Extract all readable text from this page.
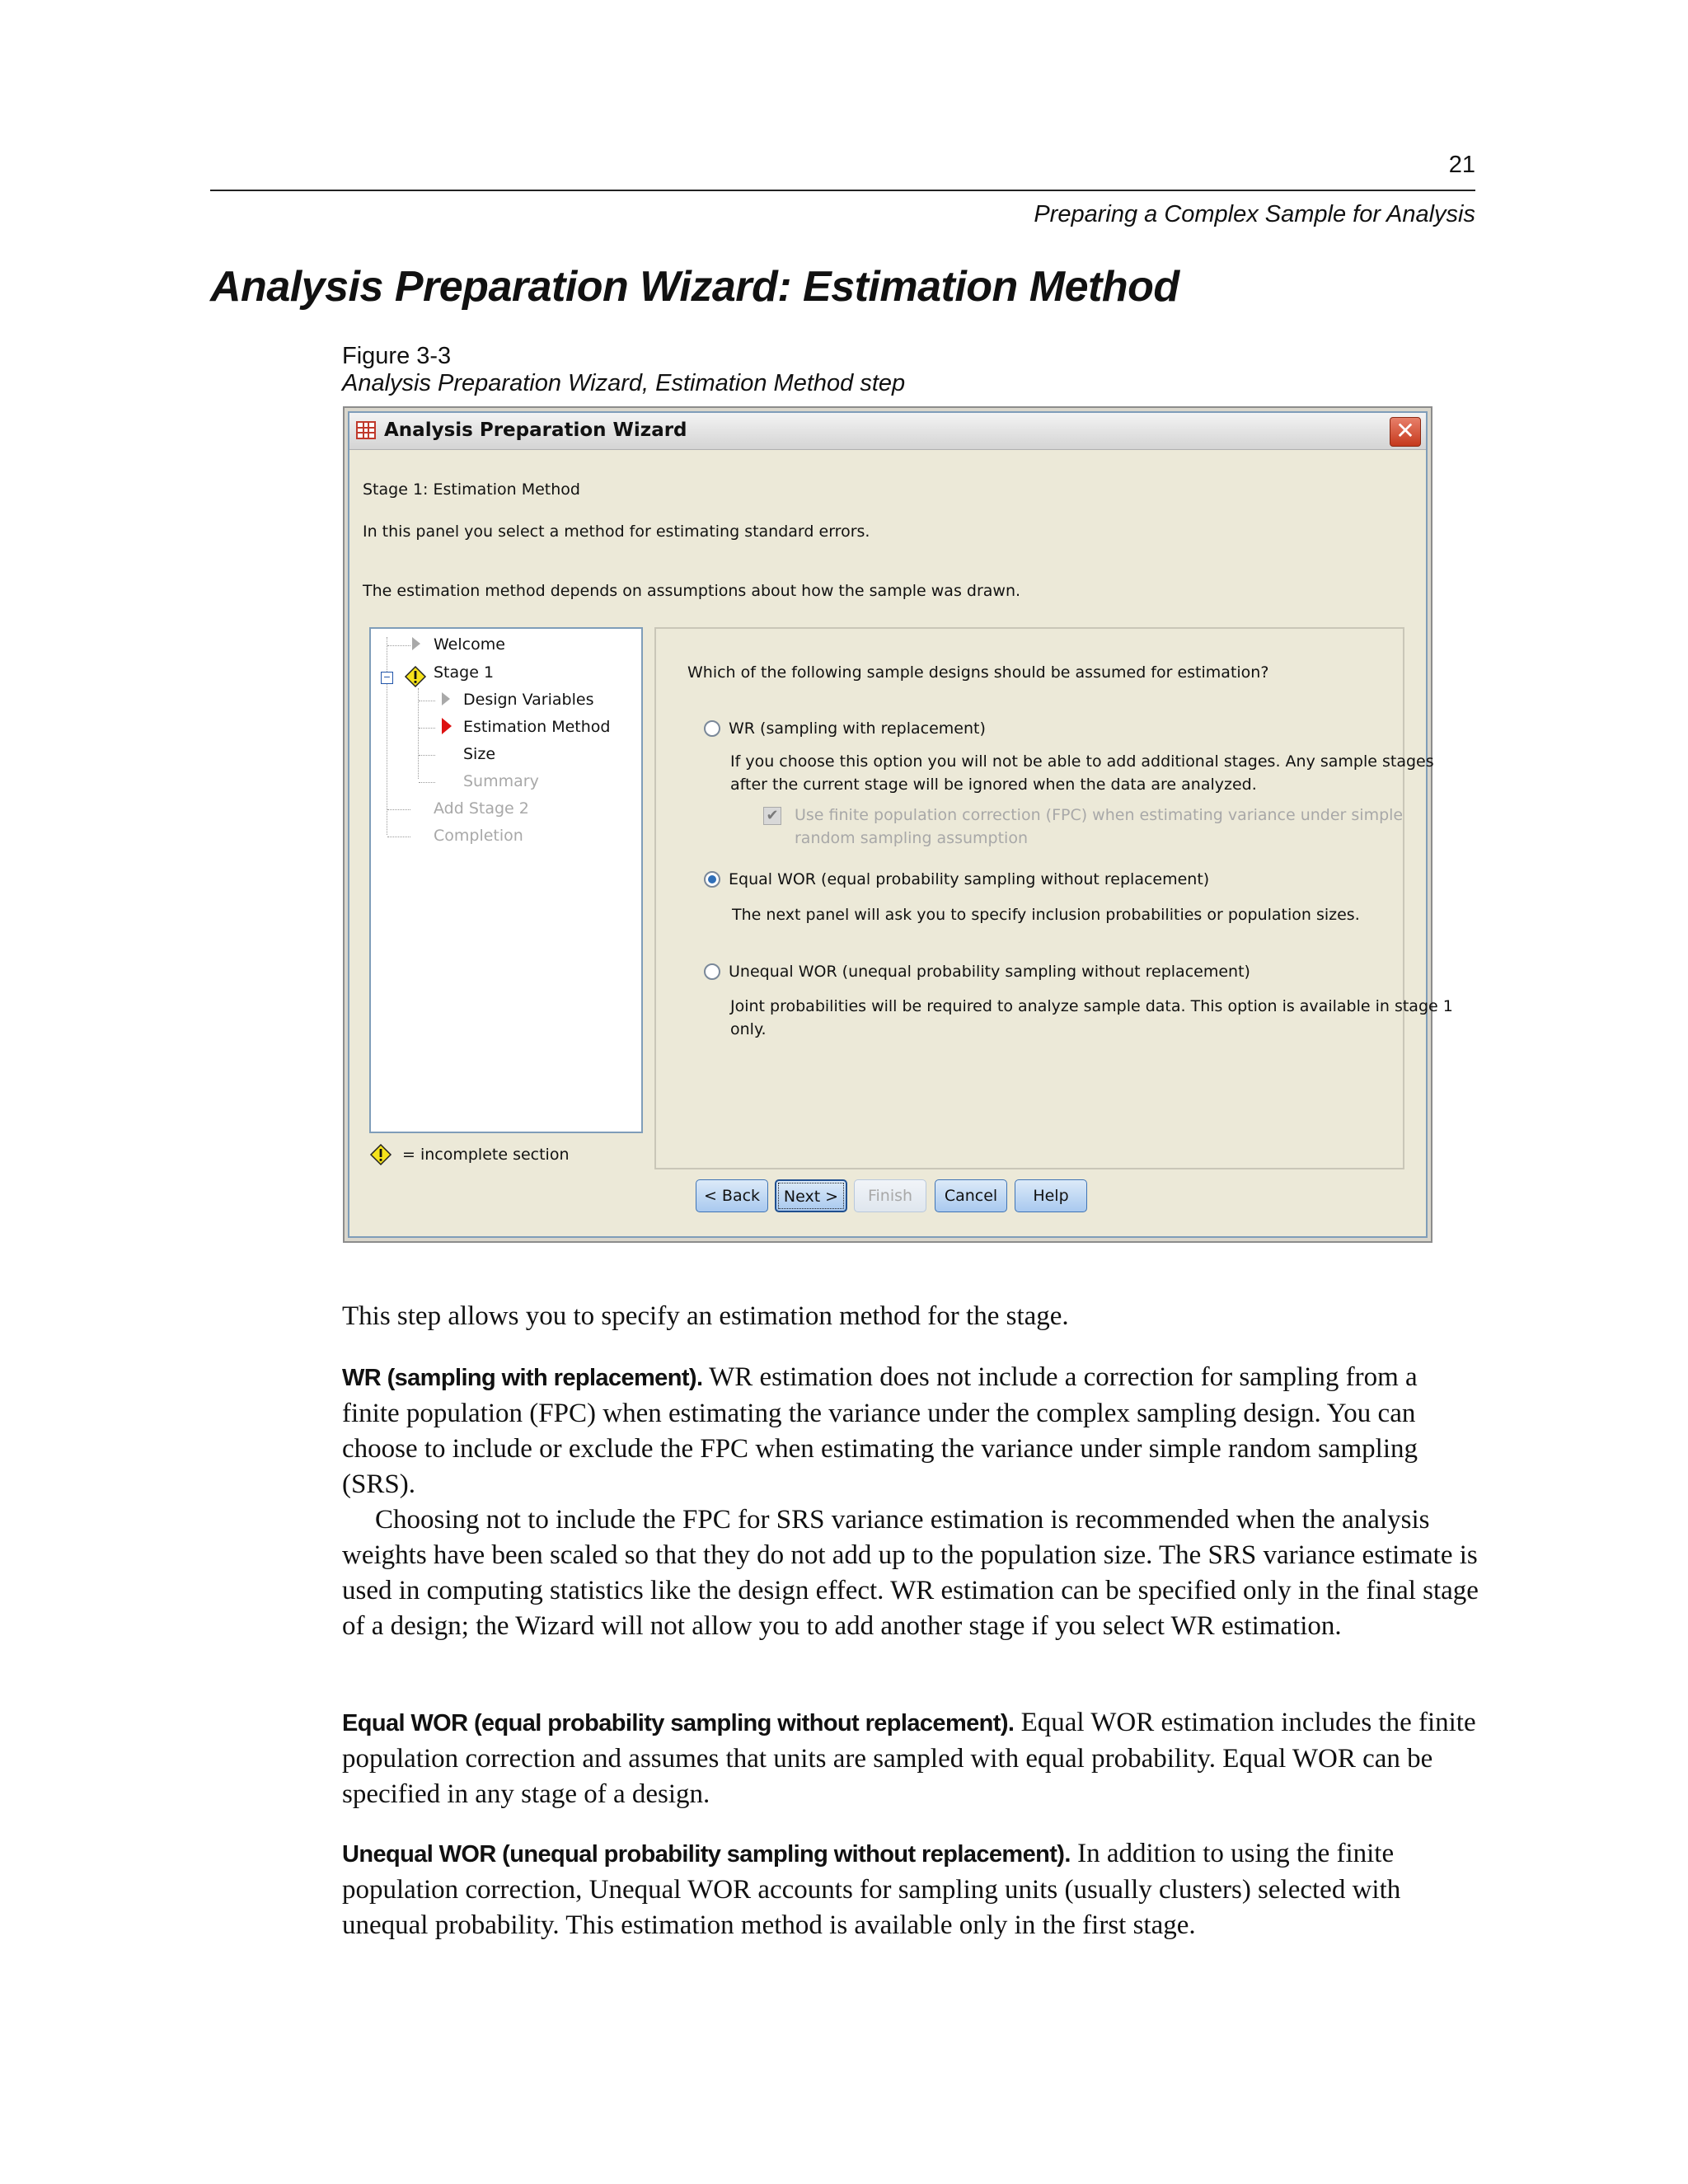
21
Preparing a Complex Sample for Analysis
Analysis Preparation Wizard: Estimation Method
Figure 3-3
Analysis Preparation Wizard, Estimation Method step
Analysis Preparation Wizard	✕
Stage 1: Estimation Method
In this panel you select a method for estimating standard errors.
The estimation method depends on assumptions about how the sample was drawn.
Welcome
−	Stage 1
Design Variables
Estimation Method
Size
Summary
Add Stage 2
Completion
= incomplete section
Which of the following sample designs should be assumed for estimation?
WR (sampling with replacement)
If you choose this option you will not be able to add additional stages. Any sample stages
after the current stage will be ignored when the data are analyzed.
✔ Use finite population correction (FPC) when estimating variance under simple
random sampling assumption
Equal WOR (equal probability sampling without replacement)
The next panel will ask you to specify inclusion probabilities or population sizes.
Unequal WOR (unequal probability sampling without replacement)
Joint probabilities will be required to analyze sample data. This option is available in stage 1
only.
< Back	Next >	Finish	Cancel	Help
This step allows you to specify an estimation method for the stage.
WR (sampling with replacement). WR estimation does not include a correction for sampling from a finite population (FPC) when estimating the variance under the complex sampling design. You can choose to include or exclude the FPC when estimating the variance under simple random sampling (SRS).
Choosing not to include the FPC for SRS variance estimation is recommended when the analysis weights have been scaled so that they do not add up to the population size. The SRS variance estimate is used in computing statistics like the design effect. WR estimation can be specified only in the final stage of a design; the Wizard will not allow you to add another stage if you select WR estimation.
Equal WOR (equal probability sampling without replacement). Equal WOR estimation includes the finite population correction and assumes that units are sampled with equal probability. Equal WOR can be specified in any stage of a design.
Unequal WOR (unequal probability sampling without replacement). In addition to using the finite population correction, Unequal WOR accounts for sampling units (usually clusters) selected with unequal probability. This estimation method is available only in the first stage.
